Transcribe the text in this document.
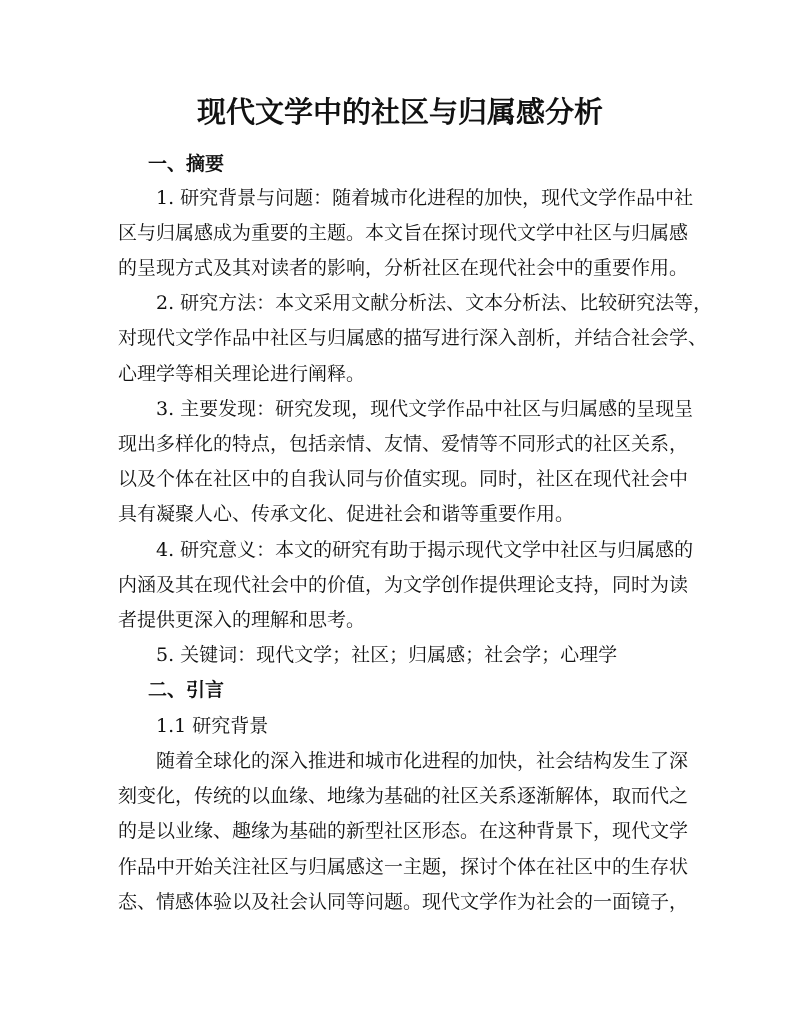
现代文学中的社区与归属感分析
一、摘要
1. 研究背景与问题：随着城市化进程的加快，现代文学作品中社
区与归属感成为重要的主题。本文旨在探讨现代文学中社区与归属感
的呈现方式及其对读者的影响，分析社区在现代社会中的重要作用。
2. 研究方法：本文采用文献分析法、文本分析法、比较研究法等，
对现代文学作品中社区与归属感的描写进行深入剖析，并结合社会学、
心理学等相关理论进行阐释。
3. 主要发现：研究发现，现代文学作品中社区与归属感的呈现呈
现出多样化的特点，包括亲情、友情、爱情等不同形式的社区关系，
以及个体在社区中的自我认同与价值实现。同时，社区在现代社会中
具有凝聚人心、传承文化、促进社会和谐等重要作用。
4. 研究意义：本文的研究有助于揭示现代文学中社区与归属感的
内涵及其在现代社会中的价值，为文学创作提供理论支持，同时为读
者提供更深入的理解和思考。
5. 关键词：现代文学；社区；归属感；社会学；心理学
二、引言
1.1 研究背景
随着全球化的深入推进和城市化进程的加快，社会结构发生了深
刻变化，传统的以血缘、地缘为基础的社区关系逐渐解体，取而代之
的是以业缘、趣缘为基础的新型社区形态。在这种背景下，现代文学
作品中开始关注社区与归属感这一主题，探讨个体在社区中的生存状
态、情感体验以及社会认同等问题。现代文学作为社会的一面镜子，
